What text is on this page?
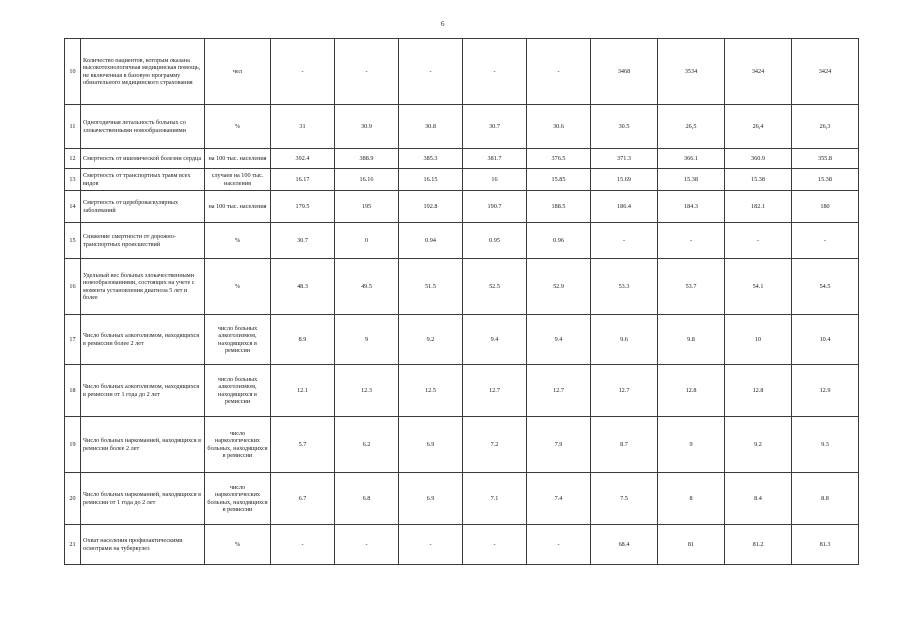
6
10	Количество пациентов, которым оказана высокотехнологичная медицинская помощь, не включенная в базовую программу обязательного медицинского страхования	чел	-	-	-	-	-	3468	3534	3424	3424
11	Одногодичная летальность больных со злокачественными новообразованиями	%	31	30.9	30.8	30.7	30.6	30.5	26,5	26,4	26,3
12	Смертность от ишемической болезни сердца	на 100 тыс. населения	392.4	388.9	385.3	381.7	376.5	371.3	366.1	360.9	355.8
13	Смертность от транспортных травм всех видов	случаев на 100 тыс. населения	16.17	16.16	16.15	16	15.85	15.69	15.38	15.38	15.38
14	Смертность от цереброваскулярных заболеваний	на 100 тыс. населения	179.5	195	192.8	190.7	188.5	186.4	184.3	182.1	180
15	Снижение смертности от дорожно-транспортных происшествий	%	30.7	0	0.94	0.95	0.96	-	-	-	-
16	Удельный вес больных злокачественными новообразованиями, состоящих на учете с момента установления диагноза 5 лет и более	%	48.3	49.5	51.5	52.5	52.9	53.3	53.7	54.1	54.5
17	Число больных алкоголизмом, находящихся в ремиссии более 2 лет	число больных алкоголизмом, находящихся в ремиссии	8.9	9	9.2	9.4	9.4	9.6	9.8	10	10.4
18	Число больных алкоголизмом, находящихся в ремиссии от 1 года до 2 лет	число больных алкоголизмом, находящихся в ремиссии	12.1	12.3	12.5	12.7	12.7	12.7	12.8	12.8	12.9
19	Число больных наркоманией, находящихся в ремиссии более 2 лет	число наркологических больных, находящихся в ремиссии	5.7	6.2	6.9	7.2	7.9	8.7	9	9.2	9.3
20	Число больных наркоманией, находящихся в ремиссии от 1 года до 2 лет	число наркологических больных, находящихся в ремиссии	6.7	6.8	6.9	7.1	7.4	7.5	8	8.4	8.8
21	Охват населения профилактическими осмотрами на туберкулез	%	-	-	-	-	-	68.4	81	81.2	81.3
